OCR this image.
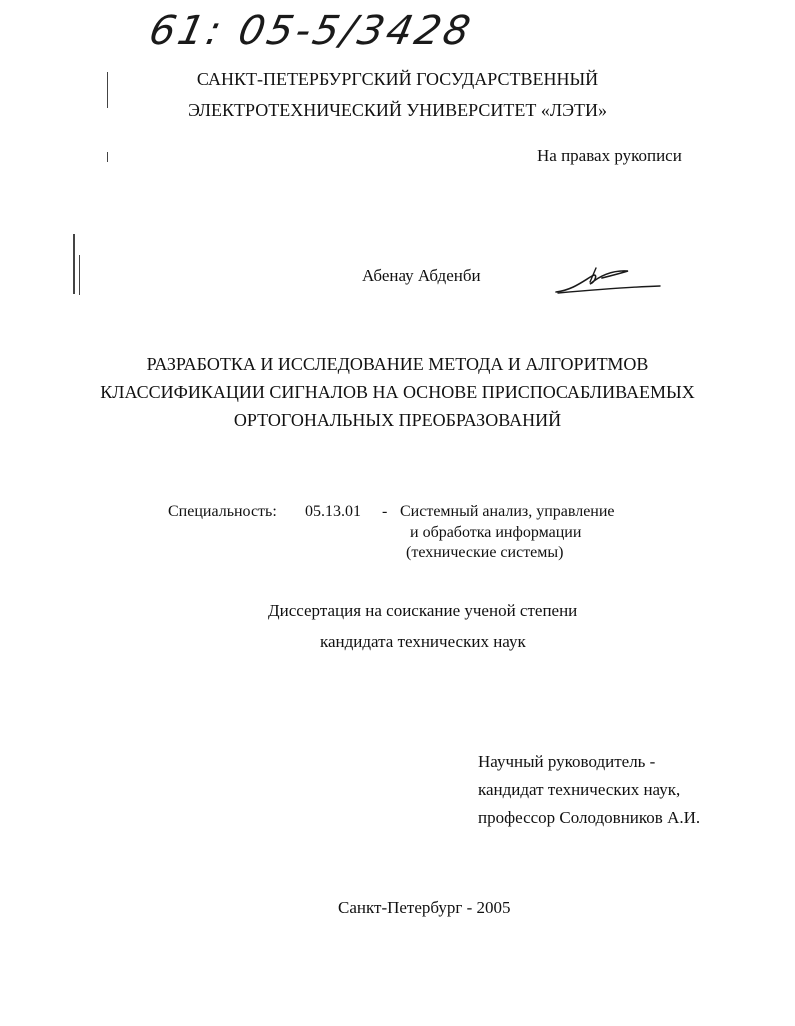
61: 05-5/3428
САНКТ-ПЕТЕРБУРГСКИЙ ГОСУДАРСТВЕННЫЙ
ЭЛЕКТРОТЕХНИЧЕСКИЙ УНИВЕРСИТЕТ «ЛЭТИ»
На правах рукописи
Абенау Абденби
РАЗРАБОТКА И ИССЛЕДОВАНИЕ МЕТОДА И АЛГОРИТМОВ
КЛАССИФИКАЦИИ СИГНАЛОВ НА ОСНОВЕ ПРИСПОСАБЛИВАЕМЫХ
ОРТОГОНАЛЬНЫХ ПРЕОБРАЗОВАНИЙ
Специальность: 05.13.01 - Системный анализ, управление
и обработка информации
(технические системы)
Диссертация на соискание ученой степени
кандидата технических наук
Научный руководитель -
кандидат технических наук,
профессор Солодовников А.И.
Санкт-Петербург - 2005
